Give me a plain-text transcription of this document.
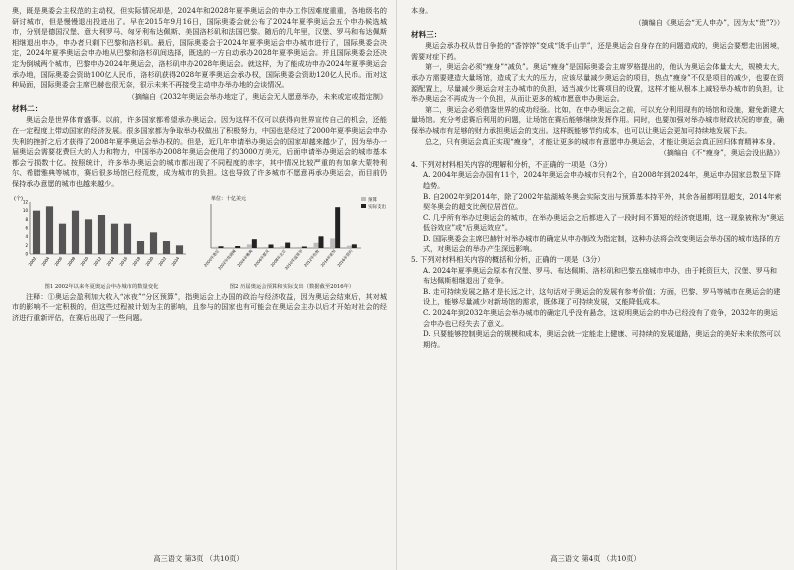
奥，既是奥委会主权范的主动权，但实际情况却是，2024年和2028年夏季奥运会的申办工作因难度重重，各地级名的研讨城市，但是慢慢退出投进出了。早在2015年9月16日，国际奥委会就公布了2024年夏季奥运会五个申办候选城市，分别是德国汉堡、意大利罗马、匈牙利布达佩斯、美国洛杉矶和法国巴黎。随后的几年里，汉堡、罗马和布达佩斯相继退出申办，申办者只剩下巴黎和洛杉矶。最后，国际奥委会于2024年夏季奥运会申办城市进行了，国际奥委会决定，2024年夏季奥运会申办地从巴黎和洛杉矶间选择，既选的一方自动承办2028年夏季奥运会。并且国际奥委会还决定为倒城两个城市，巴黎申办2024年奥运会，洛杉矶申办2028年奥运会。就这样，为了能成功申办2024年夏季奥运会承办地，国际奥委会资助100亿人民币，洛杉矶获得2028年夏季奥运会承办权，国际奥委会资助120亿人民币。而对这种局面，国际奥委会主席巴赫也很无奈，很示未来不再接受主动申办举办地的会谈情况。

（摘编自《2032年奥运会举办地定了，奥运会无人愿意举办，未来或定或指定制》
材料二：

奥运会是世界体育盛事。以前，许多国家都希望承办奥运会。因为这样不仅可以获得向世界宣传自己的机会，还能在一定程度上带动国家的经济发展。很多国家都为争取举办权做出了积极努力，中国也是经过了2000年夏季奥运会申办失利的挫折之后才获得了2008年夏季奥运会举办权的。但是，近几年申请举办奥运会的国家却越来越少了，因为举办一届奥运会需要花费巨大的人力和物力，中国举办2008年奥运会使用了约3000万美元，后面申请举办奥运会的城市基本都会亏损数十亿。按照统计，许多举办奥运会的城市都出现了不同程度的赤字，其中情况比较严重的有加拿大蒙特利尔、希腊雅典等城市，赛后很多场馆已经荒废，成为城市的负担。这也导致了许多城市不愿意再承办奥运会，而目前仍保持承办意愿的城市也越来越少。

(个)
2002 2004 2006 2008 2010 2012 2014 2016 2018 2020 2022 2024
0
2
4
6
8
10
12
图1 2002年以来冬夏奥运会申办城市的数量变化
单位：十亿美元	预算
实际支出
2000年悉尼
2002年盐湖城 2004年雅典 2006年都灵 2008年北京
2010年温哥华 2012年伦敦 2014年索契 2016年里约
图2 历届奥运会预算和实际支出（数据截至2016年）

注释：①奥运会盈利加大收入“冰夜”“分区预算”，指奥运会上办国的政治与经济收益，因为奥运会结束后，其对城市的影响不一定积极的，但这些过程被计划为主的影响，且参与的国家也有可能会在奥运会主办以后才开始对社会的经济进行重新评估，在赛后出现了一些问题。

高三语文 第3页 （共10页）

本身。

（摘编自《奥运会“无人申办”，因为太“贵”?》）
材料三：

奥运会承办权从昔日争抢的“香饽饽”变成“烫手山芋”，还是奥运会自身存在的问题造成的，奥运会要想走出困境，需要对症下药。

第一，奥运会必须“瘦身”“减负”。奥运“瘦身”是国际奥委会主席罗格提出的，他认为奥运会体量太大，规模太大，承办方需要建造大量场馆，造成了太大的压力，应该尽量减少奥运会的项目，热点“瘦身”不仅是项目的减少，也要在资源配置上，尽量减少奥运会对主办城市的负担，适当减少比赛项目的设置，这样才能从根本上减轻举办城市的负担，让举办奥运会不再成为一个负担，从而让更多的城市愿意申办奥运会。

第二，奥运会必须借鉴世界的成功经验。比如，在申办奥运会之前，可以充分利用现有的场馆和设施，避免新建大量场馆。充分考虑赛后利用的问题，让场馆在赛后能够继续发挥作用。同时，也要加强对举办城市财政状况的审查，确保举办城市有足够的财力承担奥运会的支出。这样既能够节约成本，也可以让奥运会更加可持续地发展下去。

总之，只有奥运会真正实现“瘦身”，才能让更多的城市有意愿申办奥运会，才能让奥运会真正回归体育精神本身。

（摘编自《不“瘦身”，奥运会没出路》）
4. 下列对材料相关内容的理解和分析，不正确的一项是（3分）
A. 2004年奥运会办国有11个，2024年奥运会申办城市只有2个，自2008年到2024年，奥运申办国家总数呈下降趋势。
B. 自2002年到2014年，除了2002年盐湖城冬奥会实际支出与预算基本持平外，其余各届都明显超支，2014年索契冬奥会的超支比例位居首位。
C. 几乎所有举办过奥运会的城市，在举办奥运会之后都进入了一段时间不算短的经济衰退期，这一现象被称为“奥运低谷效应”或“后奥运效应”。
D. 国际奥委会主席巴赫针对举办城市的确定从申办制改为指定制，这种办法将会改变奥运会举办国的城市选择的方式，对奥运会的举办产生深远影响。
5. 下列对材料相关内容的概括和分析，正确的一项是（3分）
A. 2024年夏季奥运会原本有汉堡、罗马、布达佩斯、洛杉矶和巴黎五座城市申办，由于耗资巨大，汉堡、罗马和布达佩斯相继退出了竞争。
B. 走可持续发展之路才是长远之计，这句话对于奥运会的发展有参考价值；方面，巴黎、罗马等城市在奥运会的建设上，能够尽量减少对新场馆的需求，既体现了可持续发展，又能降低成本。
C. 2024年到2032年奥运会举办城市的确定几乎没有悬念，这说明奥运会的申办已经没有了竞争，2032年的奥运会申办也已经失去了意义。
D. 只要能够控制奥运会的规模和成本，奥运会就一定能走上健康、可持续的发展道路，奥运会的美好未来依然可以期待。
高三语文 第4页 （共10页）
